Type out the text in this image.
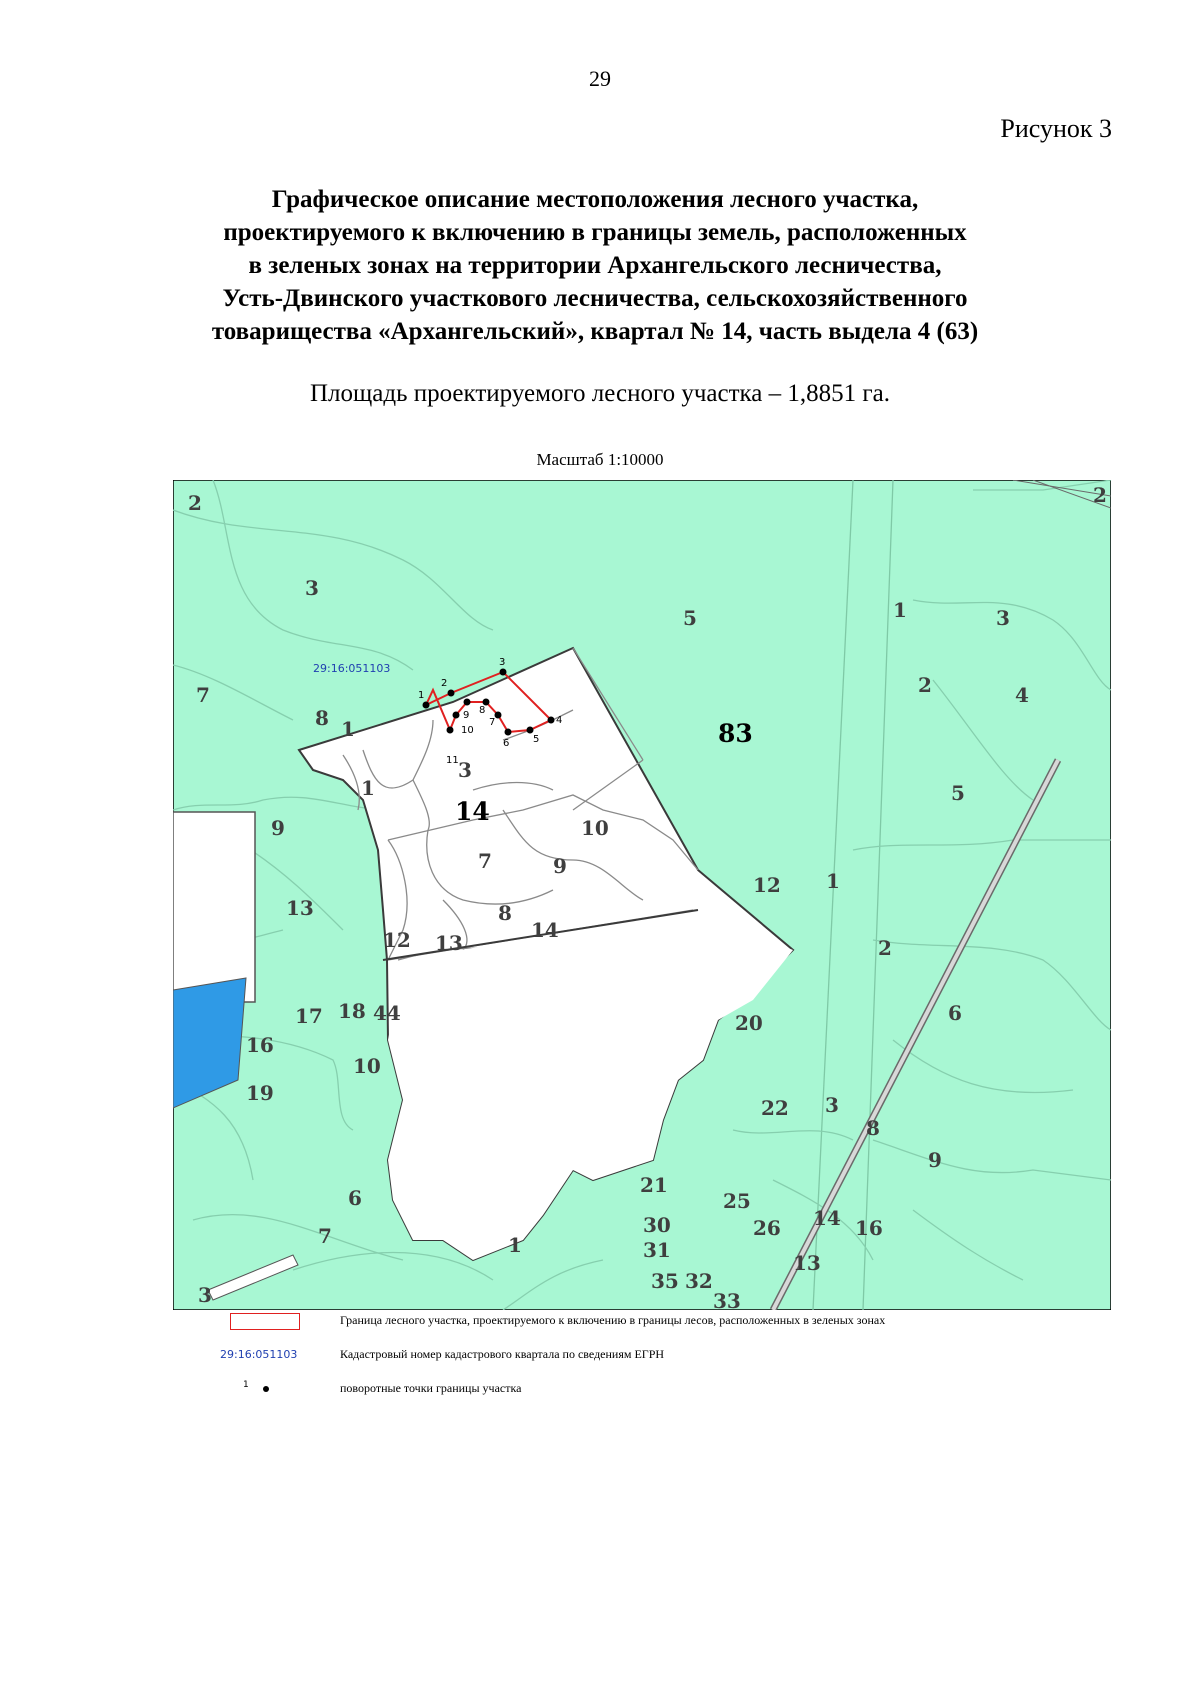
29
Рисунок 3
Графическое описание местоположения лесного участка,
проектируемого к включению в границы земель, расположенных
в зеленых зонах на территории Архангельского лесничества,
Усть-Двинского участкового лесничества, сельскохозяйственного
товарищества «Архангельский», квартал № 14, часть выдела 4 (63)
Площадь проектируемого лесного участка – 1,8851 га.
Масштаб 1:10000
1
2
3
4
5
6
7
8
9
10
11
29:16:051103
14
83
2
3
7
8 1
1
3
9
13
17 18 44
16
10
19
6
7
3
1
10
7	9
8
12 13
14
5	1	3
2	4
5
12 1
2
6
20
22 3
8
9
21
25
30
31
26 14 16
13
35 32
33
2
Граница лесного участка, проектируемого к включению в границы лесов, расположенных в зеленых зонах
29:16:051103	Кадастровый номер кадастрового квартала по сведениям ЕГРН
1	поворотные точки границы участка
